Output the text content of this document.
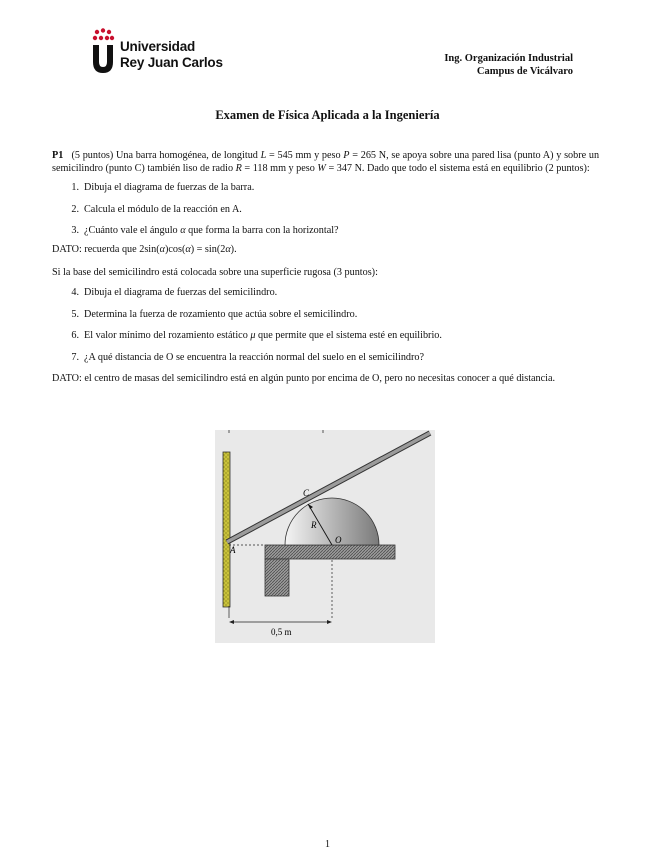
Universidad
Rey Juan Carlos	Ing. Organización Industrial
Campus de Vicálvaro
Examen de Física Aplicada a la Ingeniería

P1 (5 puntos) Una barra homogénea, de longitud L = 545 mm y peso P = 265 N, se apoya sobre una pared lisa (punto A) y sobre un semicilindro (punto C) también liso de radio R = 118 mm y peso W = 347 N. Dado que todo el sistema está en equilibrio (2 puntos):

1. Dibuja el diagrama de fuerzas de la barra.
2. Calcula el módulo de la reacción en A.
3. ¿Cuánto vale el ángulo α que forma la barra con la horizontal?

DATO: recuerda que 2sin(α)cos(α) = sin(2α).

Si la base del semicilindro está colocada sobre una superficie rugosa (3 puntos):

4. Dibuja el diagrama de fuerzas del semicilindro.
5. Determina la fuerza de rozamiento que actúa sobre el semicilindro.
6. El valor mínimo del rozamiento estático μ que permite que el sistema esté en equilibrio.
7. ¿A qué distancia de O se encuentra la reacción normal del suelo en el semicilindro?

DATO: el centro de masas del semicilindro está en algún punto por encima de O, pero no necesitas conocer a qué distancia.

C
R
O
A
0,5 m
1
